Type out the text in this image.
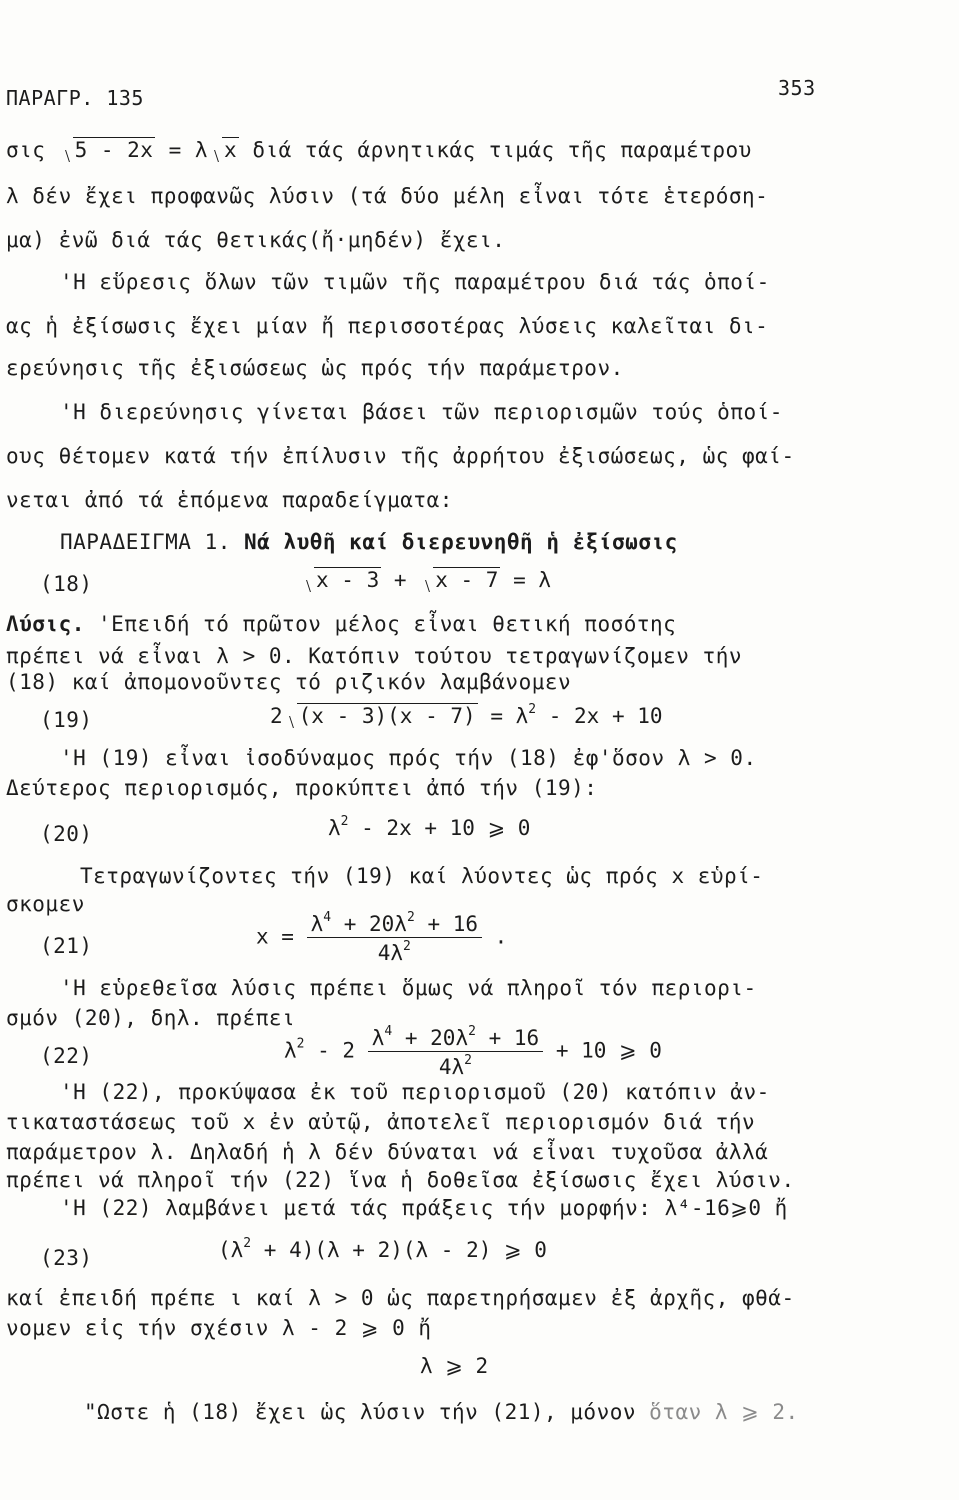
ΠΑΡΑΓΡ. 135	353
σις 5 - 2x = λ x διά τάς άρνητικάς τιμάς τῆς παραμέτρου
λ δέν ἔχει προφανῶς λύσιν (τά δύο μέλη εἶναι τότε ἑτερόση-
μα) ἐνῶ διά τάς θετικάς(ἤ·μηδέν) ἔχει.
'Η εὕρεσις ὅλων τῶν τιμῶν τῆς παραμέτρου διά τάς ὁποί-
ας ἡ ἐξίσωσις ἔχει μίαν ἤ περισσοτέρας λύσεις καλεῖται δι-
ερεύνησις τῆς ἐξισώσεως ὡς πρός τήν παράμετρον.
'Η διερεύνησις γίνεται βάσει τῶν περιορισμῶν τούς ὁποί-
ους θέτομεν κατά τήν ἐπίλυσιν τῆς ἀρρήτου ἐξισώσεως, ὡς φαί-
νεται ἀπό τά ἑπόμενα παραδείγματα:
ΠΑΡΑΔΕΙΓΜΑ 1. Νά λυθῆ καί διερευνηθῆ ἡ ἐξίσωσις
(18)	x - 3 + x - 7 = λ
Λύσις. 'Επειδή τό πρῶτον μέλος εἶναι θετική ποσότης
πρέπει νά εἶναι λ > 0. Κατόπιν τούτου τετραγωνίζομεν τήν
(18) καί ἀπομονοῦντες τό ριζικόν λαμβάνομεν
(19)	2 $(x - 3)(x - 7) = \lambda^2 - 2x + 10$
'Η (19) εἶναι ἰσοδύναμος πρός τήν (18) ἐφ'ὅσον λ > 0.
Δεύτερος περιορισμός, προκύπτει ἀπό τήν (19):
(20)	$\lambda^2 - 2x + 10$ ⩾ 0
Τετραγωνίζοντες τήν (19) καί λύοντες ὡς πρός x εὑρί-
σκομεν
(21)	$x = \frac{\lambda^4 + 20\lambda^2 + 16}{4\lambda^2}$ .
'Η εὑρεθεῖσα λύσις πρέπει ὅμως νά πληροῖ τόν περιορι-
σμόν (20), δηλ. πρέπει
(22)	$\lambda^2 - 2 \frac{\lambda^4 + 20\lambda^2 + 16}{4\lambda^2} + 10$ ⩾ 0
'Η (22), προκύψασα ἐκ τοῦ περιορισμοῦ (20) κατόπιν ἀν-
τικαταστάσεως τοῦ x ἐν αὐτῷ, ἀποτελεῖ περιορισμόν διά τήν
παράμετρον λ. Δηλαδή ἡ λ δέν δύναται νά εἶναι τυχοῦσα ἀλλά
πρέπει νά πληροῖ τήν (22) ἵνα ἡ δοθεῖσα ἐξίσωσις ἔχει λύσιν.
'Η (22) λαμβάνει μετά τάς πράξεις τήν μορφήν: λ⁴-16⩾0 ἤ
(23)	$(\lambda^2 + 4)(\lambda + 2)(\lambda - 2)$ ⩾ 0
καί ἐπειδή πρέπε ι καί λ > 0 ὡς παρετηρήσαμεν ἐξ ἀρχῆς, φθά-
νομεν εἰς τήν σχέσιν λ - 2 ⩾ 0 ἤ
λ ⩾ 2
"Ωστε ἡ (18) ἔχει ὡς λύσιν τήν (21), μόνον ὅταν λ ⩾ 2.
